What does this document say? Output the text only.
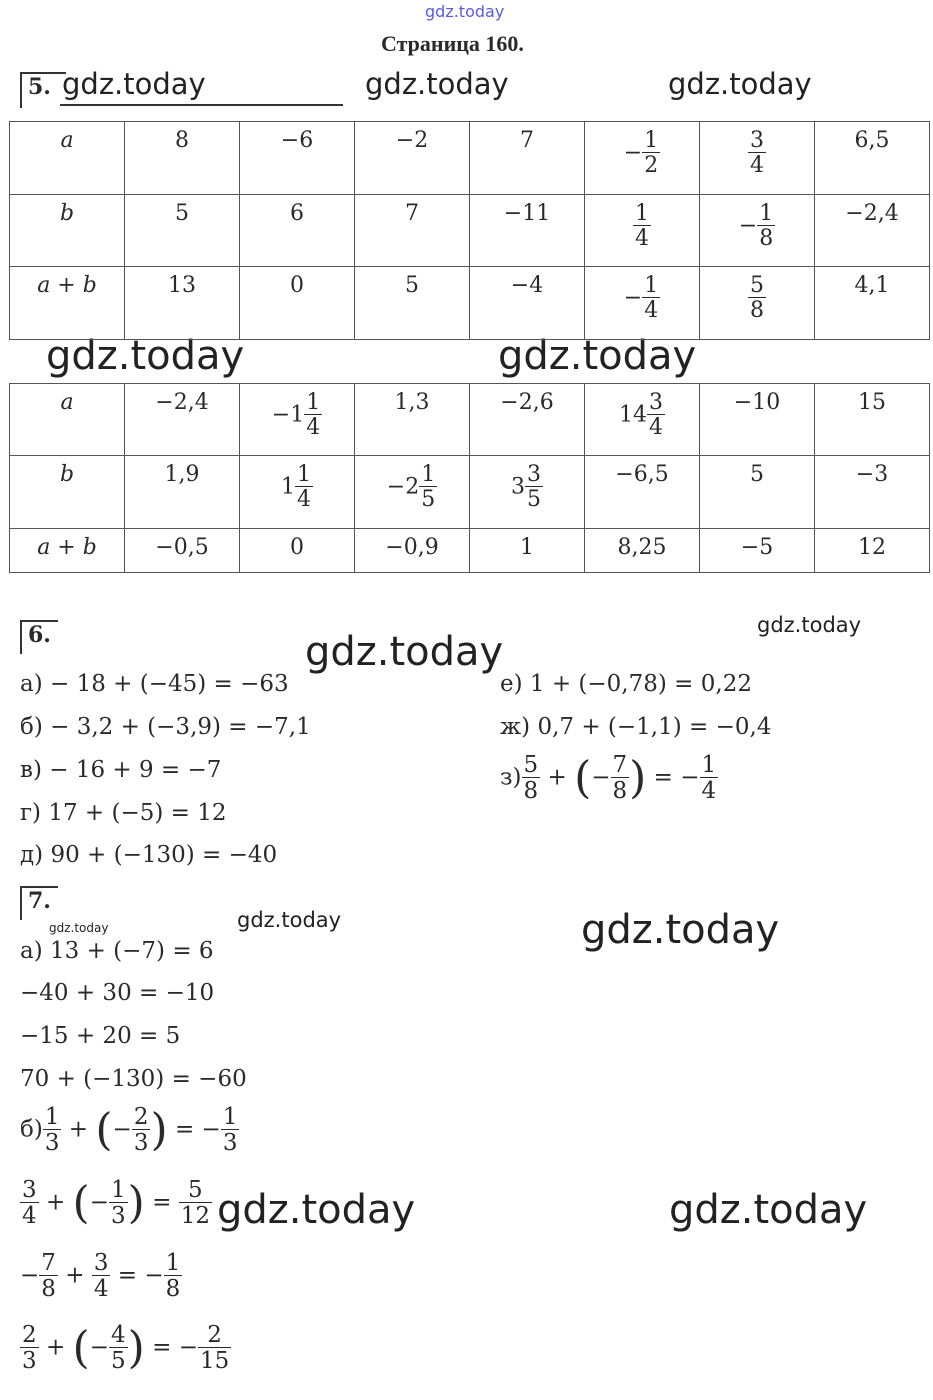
gdz.today
gdz.today	gdz.today	gdz.today
gdz.today	gdz.today
gdz.today
gdz.today
gdz.today	gdz.today	gdz.today
gdz.today	gdz.today
Страница 160.
5.
a	8	−6	−2	7	− $\frac{1}{2}$	$\frac{3}{4}$	6,5
b	5	6	7	−11	$\frac{1}{4}$	− $\frac{1}{8}$	−2,4
a + b	13	0	5	−4	− $\frac{1}{4}$	$\frac{5}{8}$	4,1
a	−2,4	$-1 \frac{1}{4}$	1,3	−2,6	$14 \frac{3}{4}$	−10	15
b	1,9	$1 \frac{1}{4}$	$-2 \frac{1}{5}$	$3 \frac{3}{5}$	−6,5	5	−3
a + b	−0,5	0	−0,9	1	8,25	−5	12
6.
а) − 18 + (−45) = −63
б) − 3,2 + (−3,9) = −7,1
в) − 16 + 9 = −7
г) 17 + (−5) = 12
д) 90 + (−130) = −40
е) 1 + (−0,78) = 0,22
ж) 0,7 + (−1,1) = −0,4
$з) \frac{5}{8}$ + (− $\frac{7}{8}$ ) = − $\frac{1}{4}$
7.
а) 13 + (−7) = 6
−40 + 30 = −10
−15 + 20 = 5
70 + (−130) = −60
$б) \frac{1}{3}$ + (− $\frac{2}{3}$ ) = − $\frac{1}{3}$
$\frac{3}{4}$ + (− $\frac{1}{3}$ ) = $\frac{5}{12}$
− $\frac{7}{8} + \frac{3}{4}$ = − $\frac{1}{8}$
$\frac{2}{3}$ + (− $\frac{4}{5}$ ) = − $\frac{2}{15}$
